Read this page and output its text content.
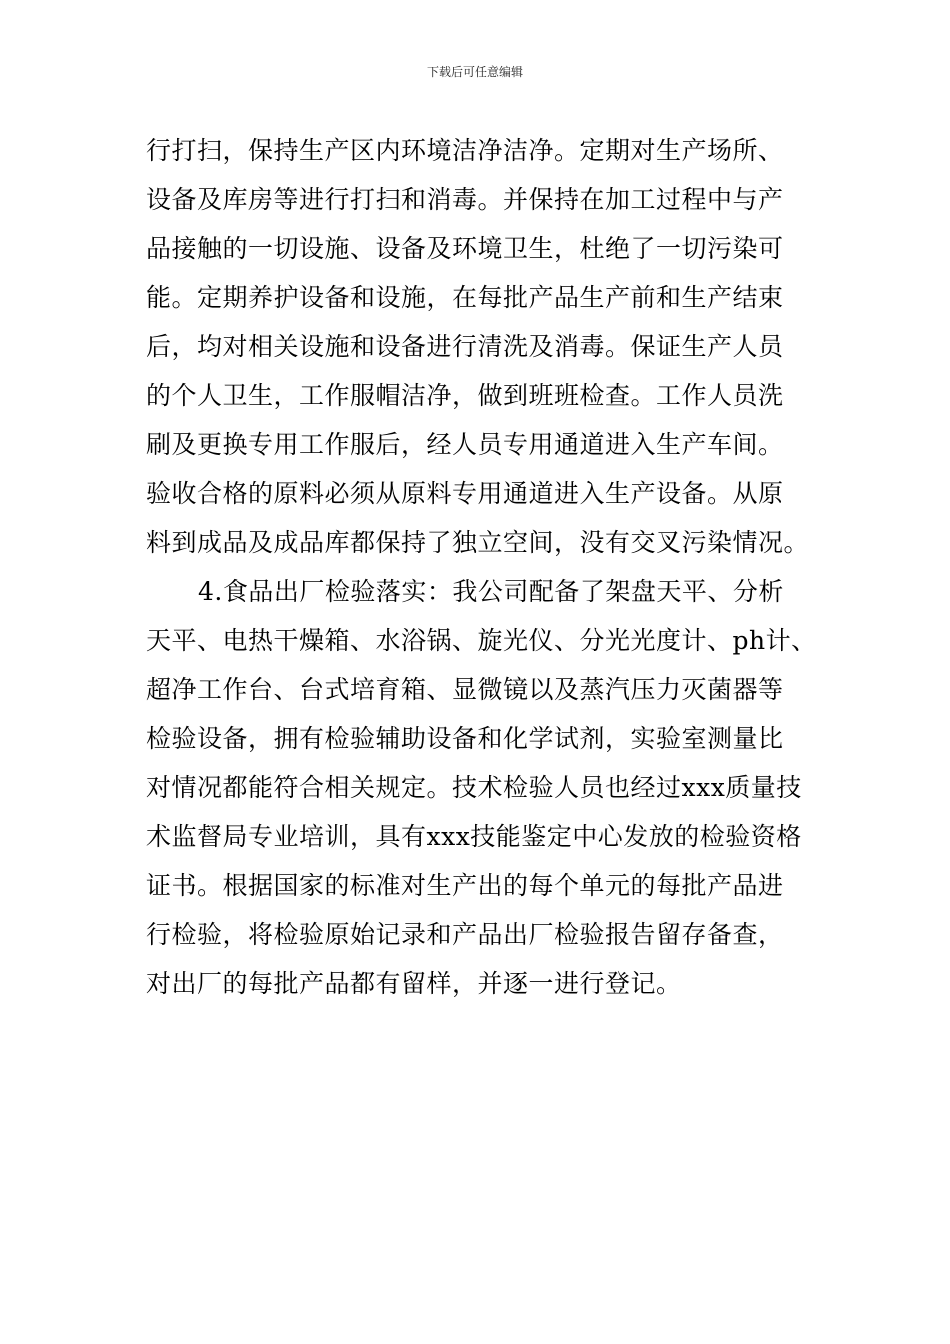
下载后可任意编辑
行打扫，保持生产区内环境洁净洁净。定期对生产场所、
设备及库房等进行打扫和消毒。并保持在加工过程中与产
品接触的一切设施、设备及环境卫生，杜绝了一切污染可
能。定期养护设备和设施，在每批产品生产前和生产结束
后，均对相关设施和设备进行清洗及消毒。保证生产人员
的个人卫生，工作服帽洁净，做到班班检查。工作人员洗
刷及更换专用工作服后，经人员专用通道进入生产车间。
验收合格的原料必须从原料专用通道进入生产设备。从原
料到成品及成品库都保持了独立空间，没有交叉污染情况。
4.食品出厂检验落实：我公司配备了架盘天平、分析
天平、电热干燥箱、水浴锅、旋光仪、分光光度计、ph计、
超净工作台、台式培育箱、显微镜以及蒸汽压力灭菌器等
检验设备，拥有检验辅助设备和化学试剂，实验室测量比
对情况都能符合相关规定。技术检验人员也经过xxx质量技
术监督局专业培训，具有xxx技能鉴定中心发放的检验资格
证书。根据国家的标准对生产出的每个单元的每批产品进
行检验，将检验原始记录和产品出厂检验报告留存备查，
对出厂的每批产品都有留样，并逐一进行登记。
